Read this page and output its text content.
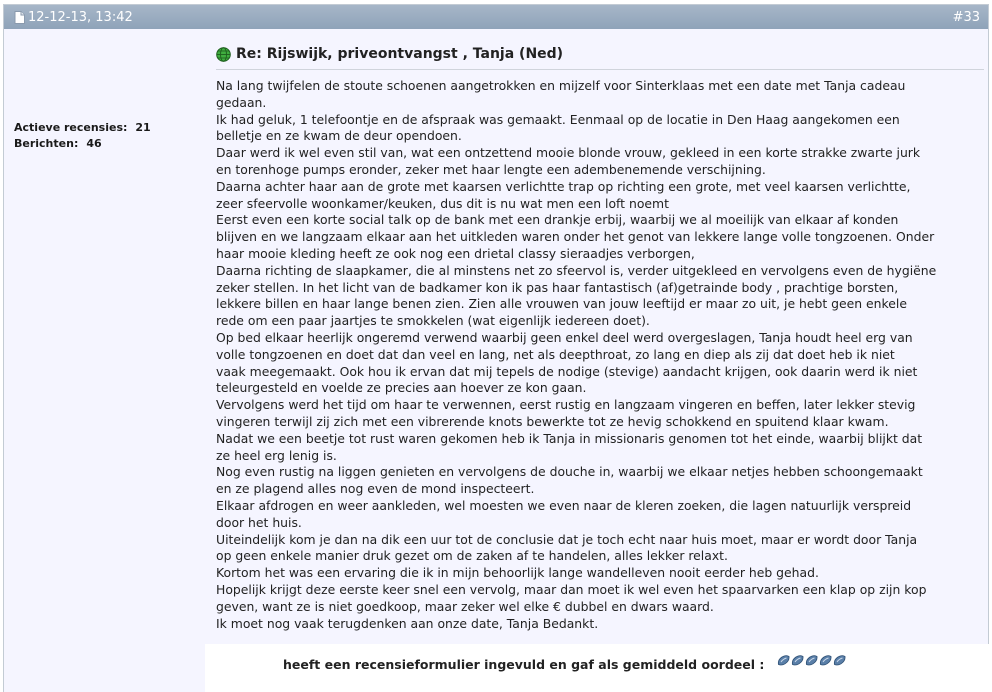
12-12-13, 13:42	#33
Actieve recensies: 21
Berichten: 46
Re: Rijswijk, priveontvangst , Tanja (Ned)

Na lang twijfelen de stoute schoenen aangetrokken en mijzelf voor Sinterklaas met een date met Tanja cadeau

gedaan.

Ik had geluk, 1 telefoontje en de afspraak was gemaakt. Eenmaal op de locatie in Den Haag aangekomen een

belletje en ze kwam de deur opendoen.

Daar werd ik wel even stil van, wat een ontzettend mooie blonde vrouw, gekleed in een korte strakke zwarte jurk

en torenhoge pumps eronder, zeker met haar lengte een adembenemende verschijning.

Daarna achter haar aan de grote met kaarsen verlichtte trap op richting een grote, met veel kaarsen verlichtte,

zeer sfeervolle woonkamer/keuken, dus dit is nu wat men een loft noemt

Eerst even een korte social talk op de bank met een drankje erbij, waarbij we al moeilijk van elkaar af konden

blijven en we langzaam elkaar aan het uitkleden waren onder het genot van lekkere lange volle tongzoenen. Onder

haar mooie kleding heeft ze ook nog een drietal classy sieraadjes verborgen,

Daarna richting de slaapkamer, die al minstens net zo sfeervol is, verder uitgekleed en vervolgens even de hygiëne

zeker stellen. In het licht van de badkamer kon ik pas haar fantastisch (af)getrainde body , prachtige borsten,

lekkere billen en haar lange benen zien. Zien alle vrouwen van jouw leeftijd er maar zo uit, je hebt geen enkele

rede om een paar jaartjes te smokkelen (wat eigenlijk iedereen doet).

Op bed elkaar heerlijk ongeremd verwend waarbij geen enkel deel werd overgeslagen, Tanja houdt heel erg van

volle tongzoenen en doet dat dan veel en lang, net als deepthroat, zo lang en diep als zij dat doet heb ik niet

vaak meegemaakt. Ook hou ik ervan dat mij tepels de nodige (stevige) aandacht krijgen, ook daarin werd ik niet

teleurgesteld en voelde ze precies aan hoever ze kon gaan.

Vervolgens werd het tijd om haar te verwennen, eerst rustig en langzaam vingeren en beffen, later lekker stevig

vingeren terwijl zij zich met een vibrerende knots bewerkte tot ze hevig schokkend en spuitend klaar kwam.

Nadat we een beetje tot rust waren gekomen heb ik Tanja in missionaris genomen tot het einde, waarbij blijkt dat

ze heel erg lenig is.

Nog even rustig na liggen genieten en vervolgens de douche in, waarbij we elkaar netjes hebben schoongemaakt

en ze plagend alles nog even de mond inspecteert.

Elkaar afdrogen en weer aankleden, wel moesten we even naar de kleren zoeken, die lagen natuurlijk verspreid

door het huis.

Uiteindelijk kom je dan na dik een uur tot de conclusie dat je toch echt naar huis moet, maar er wordt door Tanja

op geen enkele manier druk gezet om de zaken af te handelen, alles lekker relaxt.

Kortom het was een ervaring die ik in mijn behoorlijk lange wandelleven nooit eerder heb gehad.

Hopelijk krijgt deze eerste keer snel een vervolg, maar dan moet ik wel even het spaarvarken een klap op zijn kop

geven, want ze is niet goedkoop, maar zeker wel elke € dubbel en dwars waard.

Ik moet nog vaak terugdenken aan onze date, Tanja Bedankt.

heeft een recensieformulier ingevuld en gaf als gemiddeld oordeel :
